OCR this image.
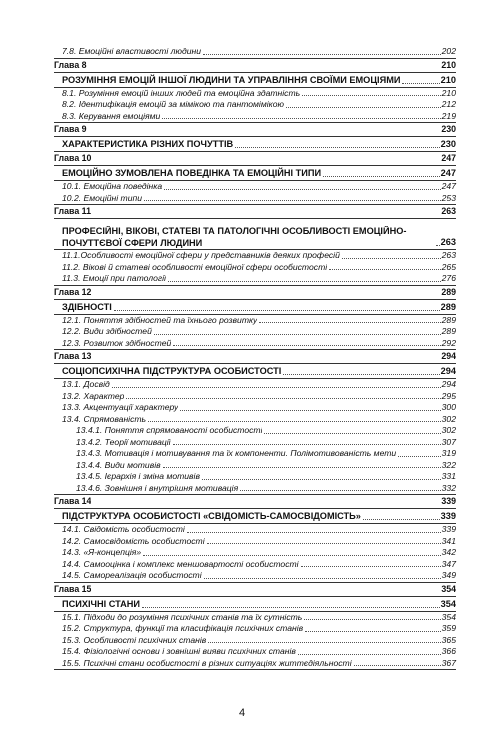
7.8. Емоційні властивості людини	202
Глава 8	210
РОЗУМІННЯ ЕМОЦІЙ ІНШОЇ ЛЮДИНИ ТА УПРАВЛІННЯ СВОЇМИ ЕМОЦІЯМИ	210
8.1. Розуміння емоцій інших людей та емоційна здатність	210
8.2. Ідентифікація емоцій за мімікою та пантомімікою	212
8.3. Керування емоціями	219
Глава 9	230
ХАРАКТЕРИСТИКА РІЗНИХ ПОЧУТТІВ	230
Глава 10	247
ЕМОЦІЙНО ЗУМОВЛЕНА ПОВЕДІНКА ТА ЕМОЦІЙНІ ТИПИ	247
10.1. Емоційна поведінка	247
10.2. Емоційні типи	253
Глава 11	263
ПРОФЕСІЙНІ, ВІКОВІ, СТАТЕВІ ТА ПАТОЛОГІЧНІ ОСОБЛИВОСТІ ЕМОЦІЙНО-ПОЧУТТЄВОЇ СФЕРИ ЛЮДИНИ	263
11.1.Особливості емоційної сфери у представників деяких професій	263
11.2. Вікові й статеві особливості емоційної сфери особистості	265
11.3. Емоції при патології	276
Глава 12	289
ЗДІБНОСТІ	289
12.1. Поняття здібностей та їхнього розвитку	289
12.2. Види здібностей	289
12.3. Розвиток здібностей	292
Глава 13	294
СОЦІОПСИХІЧНА ПІДСТРУКТУРА ОСОБИСТОСТІ	294
13.1. Досвід	294
13.2. Характер	295
13.3. Акцентуації характеру	300
13.4. Спрямованість	302
13.4.1. Поняття спрямованості особистості	302
13.4.2. Теорії мотивації	307
13.4.3. Мотивація і мотивування та їх компоненти. Полімотивованість мети	319
13.4.4. Види мотивів	322
13.4.5. Ієрархія і зміна мотивів	331
13.4.6. Зовнішня і внутрішня мотивація	332
Глава 14	339
ПІДСТРУКТУРА ОСОБИСТОСТІ «СВІДОМІСТЬ-САМОСВІДОМІСТЬ»	339
14.1. Свідомість особистості	339
14.2. Самосвідомість особистості	341
14.3. «Я-концепція»	342
14.4. Самооцінка і комплекс меншовартості особистості	347
14.5. Самореалізація особистості	349
Глава 15	354
ПСИХІЧНІ СТАНИ	354
15.1. Підходи до розуміння психічних станів та їх сутність	354
15.2. Структура, функції та класифікація психічних станів	359
15.3. Особливості психічних станів	365
15.4. Фізіологічні основи і зовнішні вияви психічних станів	366
15.5. Психічні стани особистості в різних ситуаціях життєдіяльності	367
4
